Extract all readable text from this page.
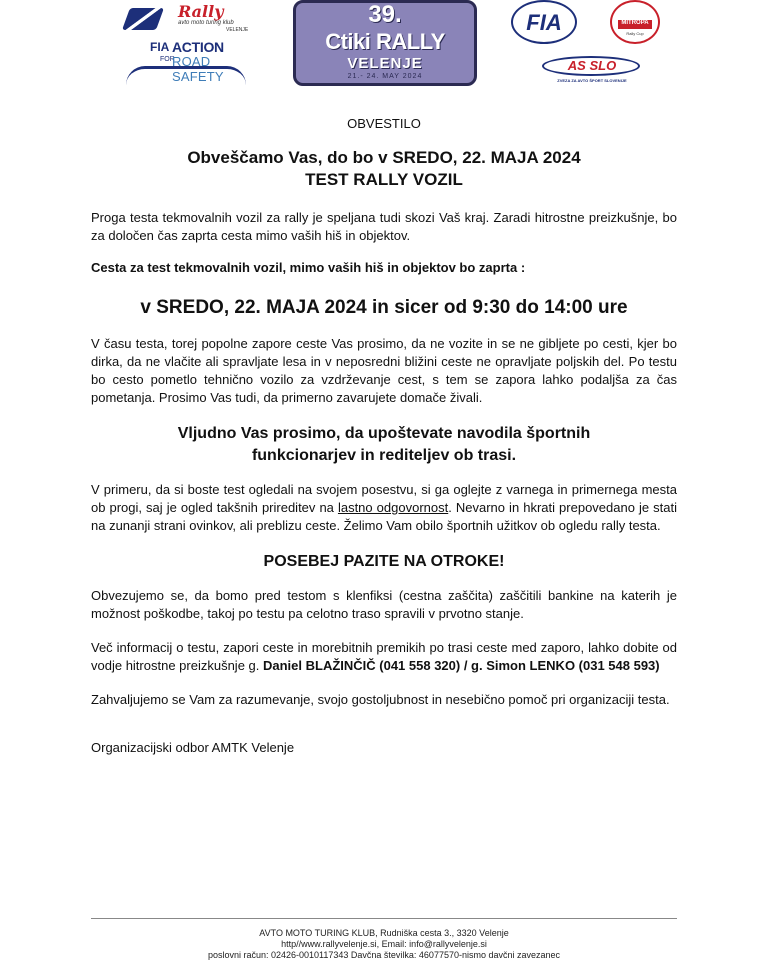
Rally
avto moto turing klub
VELENJE
FIA ACTION
FOR
ROAD SAFETY
39.
Ctiki RALLY
VELENJE
21.- 24. MAY 2024
FIA	MITROPA
Rally Cup
AS SLO
ZVEZA ZA AVTO ŠPORT SLOVENIJE
OBVESTILO
Obveščamo Vas, do bo v SREDO, 22. MAJA 2024
TEST RALLY VOZIL
Proga testa tekmovalnih vozil za rally je speljana tudi skozi Vaš kraj. Zaradi hitrostne preizkušnje, bo za določen čas zaprta cesta mimo vaših hiš in objektov.
Cesta za test tekmovalnih vozil, mimo vaših hiš in objektov bo zaprta :
v SREDO, 22. MAJA 2024 in sicer od 9:30 do 14:00 ure
V času testa, torej popolne zapore ceste Vas prosimo, da ne vozite in se ne gibljete po cesti, kjer bo dirka, da ne vlačite ali spravljate lesa in v neposredni bližini ceste ne opravljate poljskih del. Po testu bo cesto pometlo tehnično vozilo za vzdrževanje cest, s tem se zapora lahko podaljša za čas pometanja. Prosimo Vas tudi, da primerno zavarujete domače živali.
Vljudno Vas prosimo, da upoštevate navodila športnih
funkcionarjev in rediteljev ob trasi.
V primeru, da si boste test ogledali na svojem posestvu, si ga oglejte z varnega in primernega mesta ob progi, saj je ogled takšnih prireditev na lastno odgovornost. Nevarno in hkrati prepovedano je stati na zunanji strani ovinkov, ali preblizu ceste. Želimo Vam obilo športnih užitkov ob ogledu rally testa.
POSEBEJ PAZITE NA OTROKE!
Obvezujemo se, da bomo pred testom s klenfiksi (cestna zaščita) zaščitili bankine na katerih je možnost poškodbe, takoj po testu pa celotno traso spravili v prvotno stanje.
Več informacij o testu, zapori ceste in morebitnih premikih po trasi ceste med zaporo, lahko dobite od vodje hitrostne preizkušnje g. Daniel BLAŽINČIČ (041 558 320) / g. Simon LENKO (031 548 593)
Zahvaljujemo se Vam za razumevanje, svojo gostoljubnost in nesebično pomoč pri organizaciji testa.
Organizacijski odbor AMTK Velenje
AVTO MOTO TURING KLUB, Rudniška cesta 3., 3320 Velenje
http//www.rallyvelenje.si, Email: info@rallyvelenje.si
poslovni račun: 02426-0010117343 Davčna številka: 46077570-nismo davčni zavezanec
